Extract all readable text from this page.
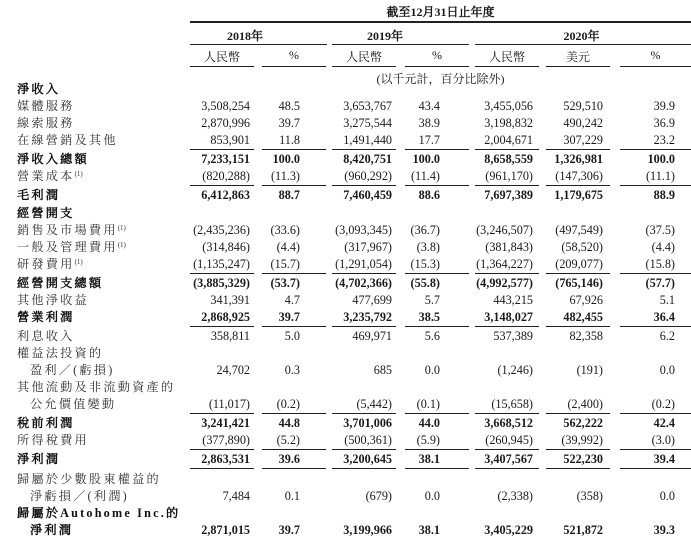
截至12月31日止年度
2018年	2019年	2020年
人民幣	%	人民幣	%	人民幣	美元	%
(以千元計，百分比除外)
淨收入
媒體服務	3,508,254	48.5	3,653,767	43.4	3,455,056	529,510	39.9
線索服務	2,870,996	39.7	3,275,544	38.9	3,198,832	490,242	36.9
在線營銷及其他	853,901	11.8	1,491,440	17.7	2,004,671	307,229	23.2
淨收入總額	7,233,151	100.0	8,420,751	100.0	8,658,559	1,326,981	100.0
營業成本$^{(1)}$	(820,288)	(11.3)	(960,292)	(11.4)	(961,170)	(147,306)	(11.1)
毛利潤	6,412,863	88.7	7,460,459	88.6	7,697,389	1,179,675	88.9
經營開支
銷售及市場費用$^{(1)}$	(2,435,236)	(33.6)	(3,093,345)	(36.7)	(3,246,507)	(497,549)	(37.5)
一般及管理費用$^{(1)}$	(314,846)	(4.4)	(317,967)	(3.8)	(381,843)	(58,520)	(4.4)
研發費用$^{(1)}$	(1,135,247)	(15.7)	(1,291,054)	(15.3)	(1,364,227)	(209,077)	(15.8)
經營開支總額	(3,885,329)	(53.7)	(4,702,366)	(55.8)	(4,992,577)	(765,146)	(57.7)
其他淨收益	341,391	4.7	477,699	5.7	443,215	67,926	5.1
營業利潤	2,868,925	39.7	3,235,792	38.5	3,148,027	482,455	36.4
利息收入	358,811	5.0	469,971	5.6	537,389	82,358	6.2
權益法投資的
盈利／(虧損)	24,702	0.3	685	0.0	(1,246)	(191)	0.0
其他流動及非流動資產的
公允價值變動	(11,017)	(0.2)	(5,442)	(0.1)	(15,658)	(2,400)	(0.2)
稅前利潤	3,241,421	44.8	3,701,006	44.0	3,668,512	562,222	42.4
所得稅費用	(377,890)	(5.2)	(500,361)	(5.9)	(260,945)	(39,992)	(3.0)
淨利潤	2,863,531	39.6	3,200,645	38.1	3,407,567	522,230	39.4
歸屬於少數股東權益的
淨虧損／(利潤)	7,484	0.1	(679)	0.0	(2,338)	(358)	0.0
歸屬於Autohome Inc.的
淨利潤	2,871,015	39.7	3,199,966	38.1	3,405,229	521,872	39.3
